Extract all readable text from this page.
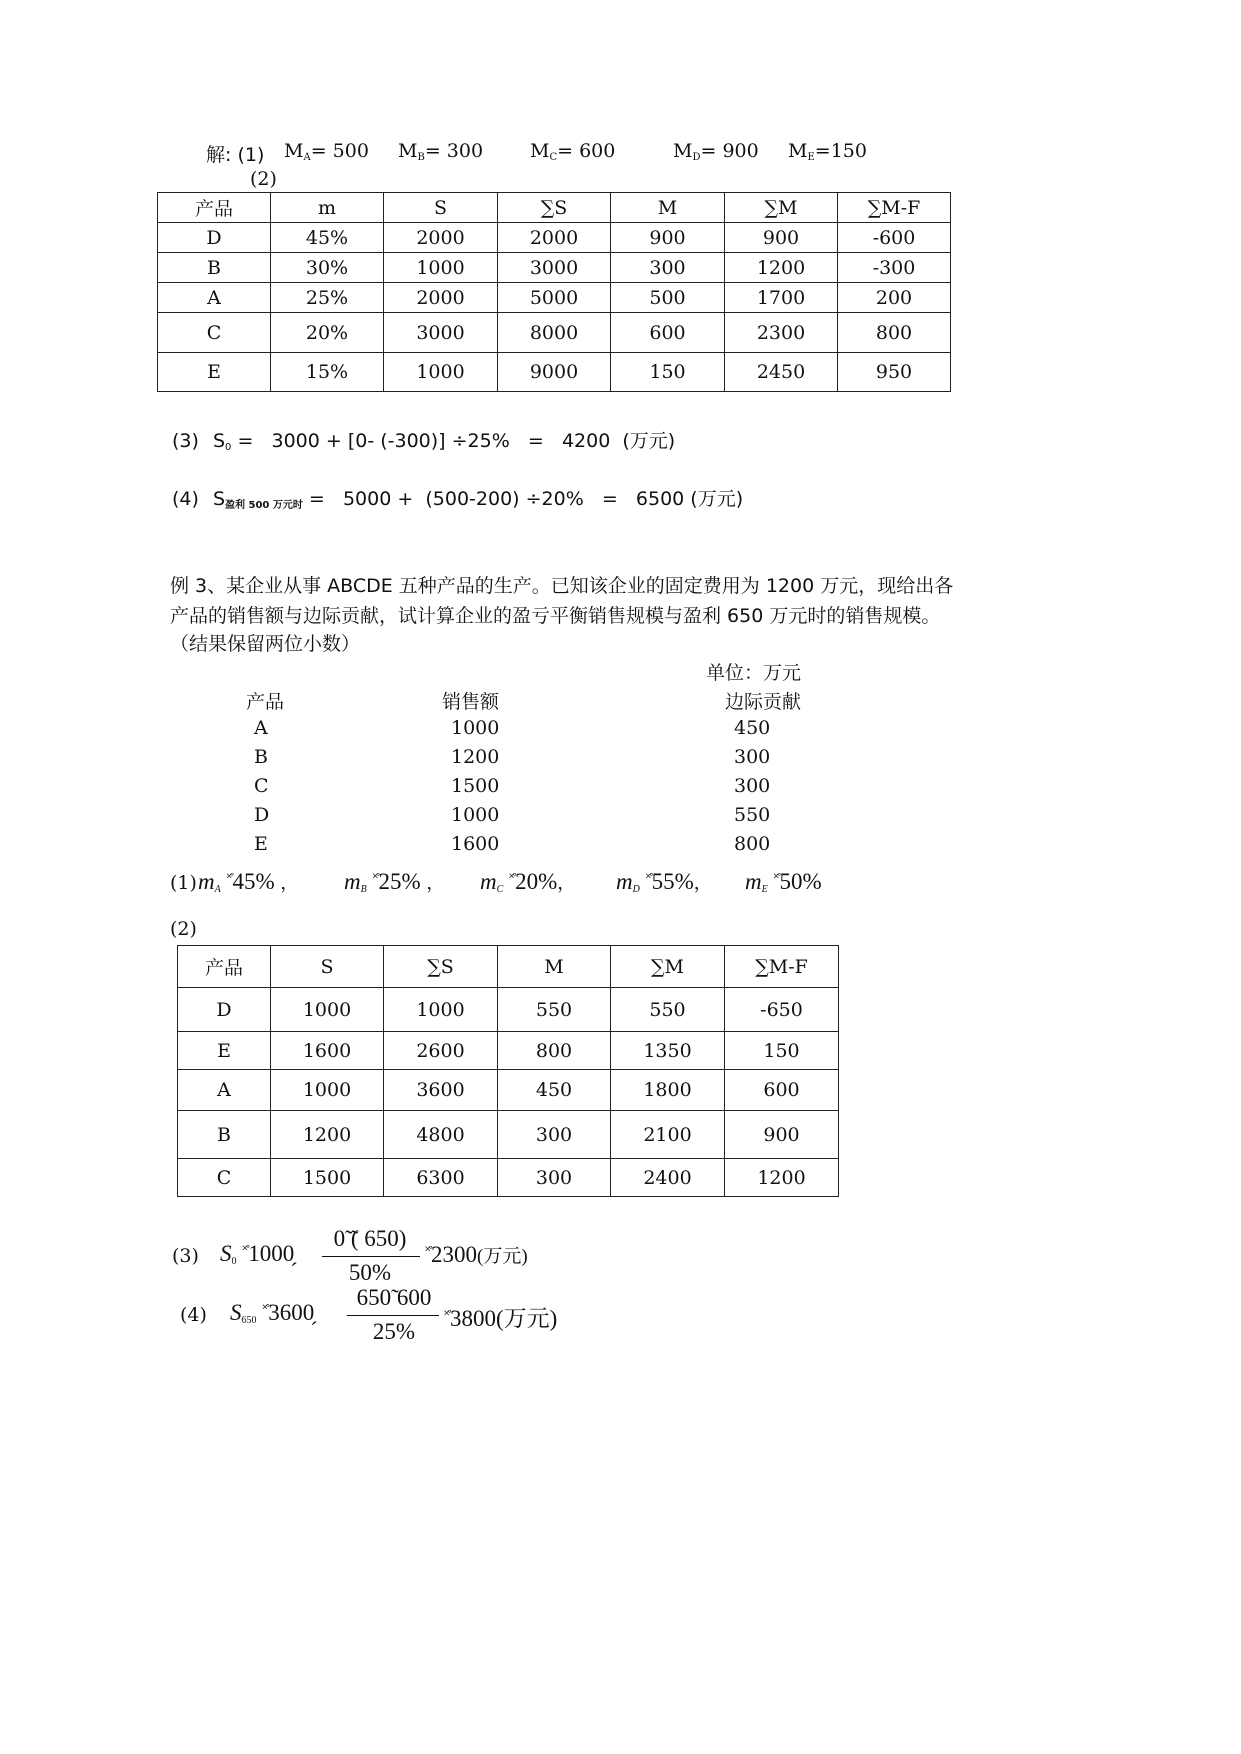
解: (1) $M_A= 500$ $M_B= 300$ $M_C= 600$	$M_D= 900$ $M_E=150$
(2)
产品	m	S	∑S	M	∑M	∑M-F
D	45%	2000	2000	900	900	-600
B	30%	1000	3000	300	1200	-300
A	25%	2000	5000	500	1700	200
C	20%	3000	8000	600	2300	800
E	15%	1000	9000	150	2450	950
(3) $S_0 = 3000 + [0-$ (-300)] ÷25%   =   4200  (万元)
(4) $S_{盈利 500 万元时} = 5000 + (500-200) \div 20\% = 6500$ (万元)
例 3、某企业从事 ABCDE 五种产品的生产。已知该企业的固定费用为 1200 万元，现给出各
产品的销售额与边际贡献，试计算企业的盈亏平衡销售规模与盈利 650 万元时的销售规模。
（结果保留两位小数）
单位：万元
产品	销售额	边际贡献
A	1000	450
B	1200	300
C	1500	300
D	1000	550
E	1600	800
(1) $m_A$ ˟˚45% ， $m_B$ ˟˚25% ， $m_C$ ˟˚20%， $m_D$ ˟˚55%， $m_E$ ˟˚50%
(2)
产品	S	∑S	M	∑M	∑M-F
D	1000	1000	550	550	-650
E	1600	2600	800	1350	150
A	1000	3600	450	1800	600
B	1200	4800	300	2100	900
C	1500	6300	300	2400	1200
(3) $S_0$ ˟˚1000̗
0̃ ̃( 650)
50%
˟˚2300(万元)
(4) $S_{650}$ ˟˚3600̗
650̃ 600
25%
˟˚3800(万元)
